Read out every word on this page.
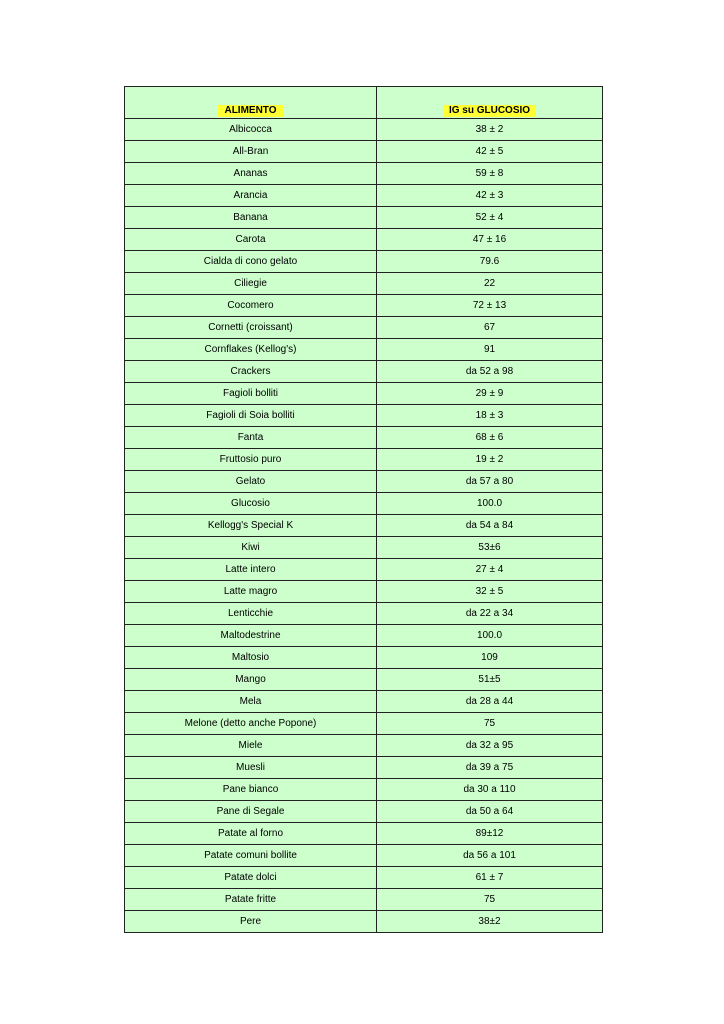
ALIMENTO	IG su GLUCOSIO
Albicocca	38 ± 2
All-Bran	42 ± 5
Ananas	59 ± 8
Arancia	42 ± 3
Banana	52 ± 4
Carota	47 ± 16
Cialda di cono gelato	79.6
Ciliegie	22
Cocomero	72 ± 13
Cornetti (croissant)	67
Cornflakes (Kellog's)	91
Crackers	da 52 a 98
Fagioli bolliti	29 ± 9
Fagioli di Soia bolliti	18 ± 3
Fanta	68 ± 6
Fruttosio puro	19 ± 2
Gelato	da 57 a 80
Glucosio	100.0
Kellogg's Special K	da 54 a 84
Kiwi	53±6
Latte intero	27 ± 4
Latte magro	32 ± 5
Lenticchie	da 22 a 34
Maltodestrine	100.0
Maltosio	109
Mango	51±5
Mela	da 28 a 44
Melone (detto anche Popone)	75
Miele	da 32 a 95
Muesli	da 39 a 75
Pane bianco	da 30 a 110
Pane di Segale	da 50 a 64
Patate al forno	89±12
Patate comuni bollite	da 56 a 101
Patate dolci	61 ± 7
Patate fritte	75
Pere	38±2
